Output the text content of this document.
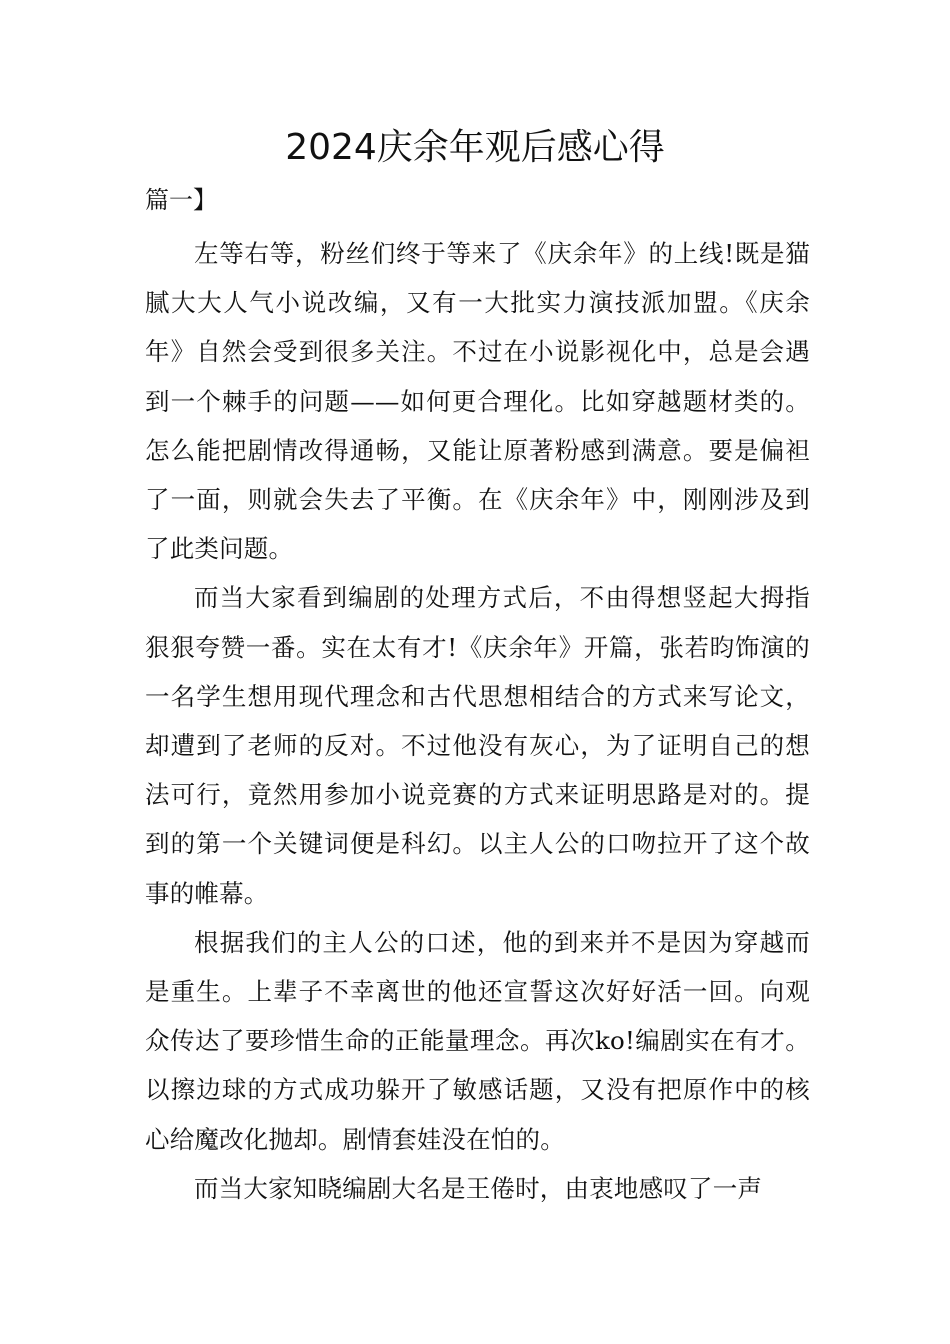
2024庆余年观后感心得

篇一】

左等右等，粉丝们终于等来了《庆余年》的上线!既是猫腻大大人气小说改编，又有一大批实力演技派加盟。《庆余年》自然会受到很多关注。不过在小说影视化中，总是会遇到一个棘手的问题——如何更合理化。比如穿越题材类的。怎么能把剧情改得通畅，又能让原著粉感到满意。要是偏袒了一面，则就会失去了平衡。在《庆余年》中，刚刚涉及到了此类问题。

而当大家看到编剧的处理方式后，不由得想竖起大拇指狠狠夸赞一番。实在太有才!《庆余年》开篇，张若昀饰演的一名学生想用现代理念和古代思想相结合的方式来写论文，却遭到了老师的反对。不过他没有灰心，为了证明自己的想法可行，竟然用参加小说竞赛的方式来证明思路是对的。提到的第一个关键词便是科幻。以主人公的口吻拉开了这个故事的帷幕。

根据我们的主人公的口述，他的到来并不是因为穿越而是重生。上辈子不幸离世的他还宣誓这次好好活一回。向观众传达了要珍惜生命的正能量理念。再次ko!编剧实在有才。以擦边球的方式成功躲开了敏感话题，又没有把原作中的核心给魔改化抛却。剧情套娃没在怕的。

而当大家知晓编剧大名是王倦时，由衷地感叹了一声
